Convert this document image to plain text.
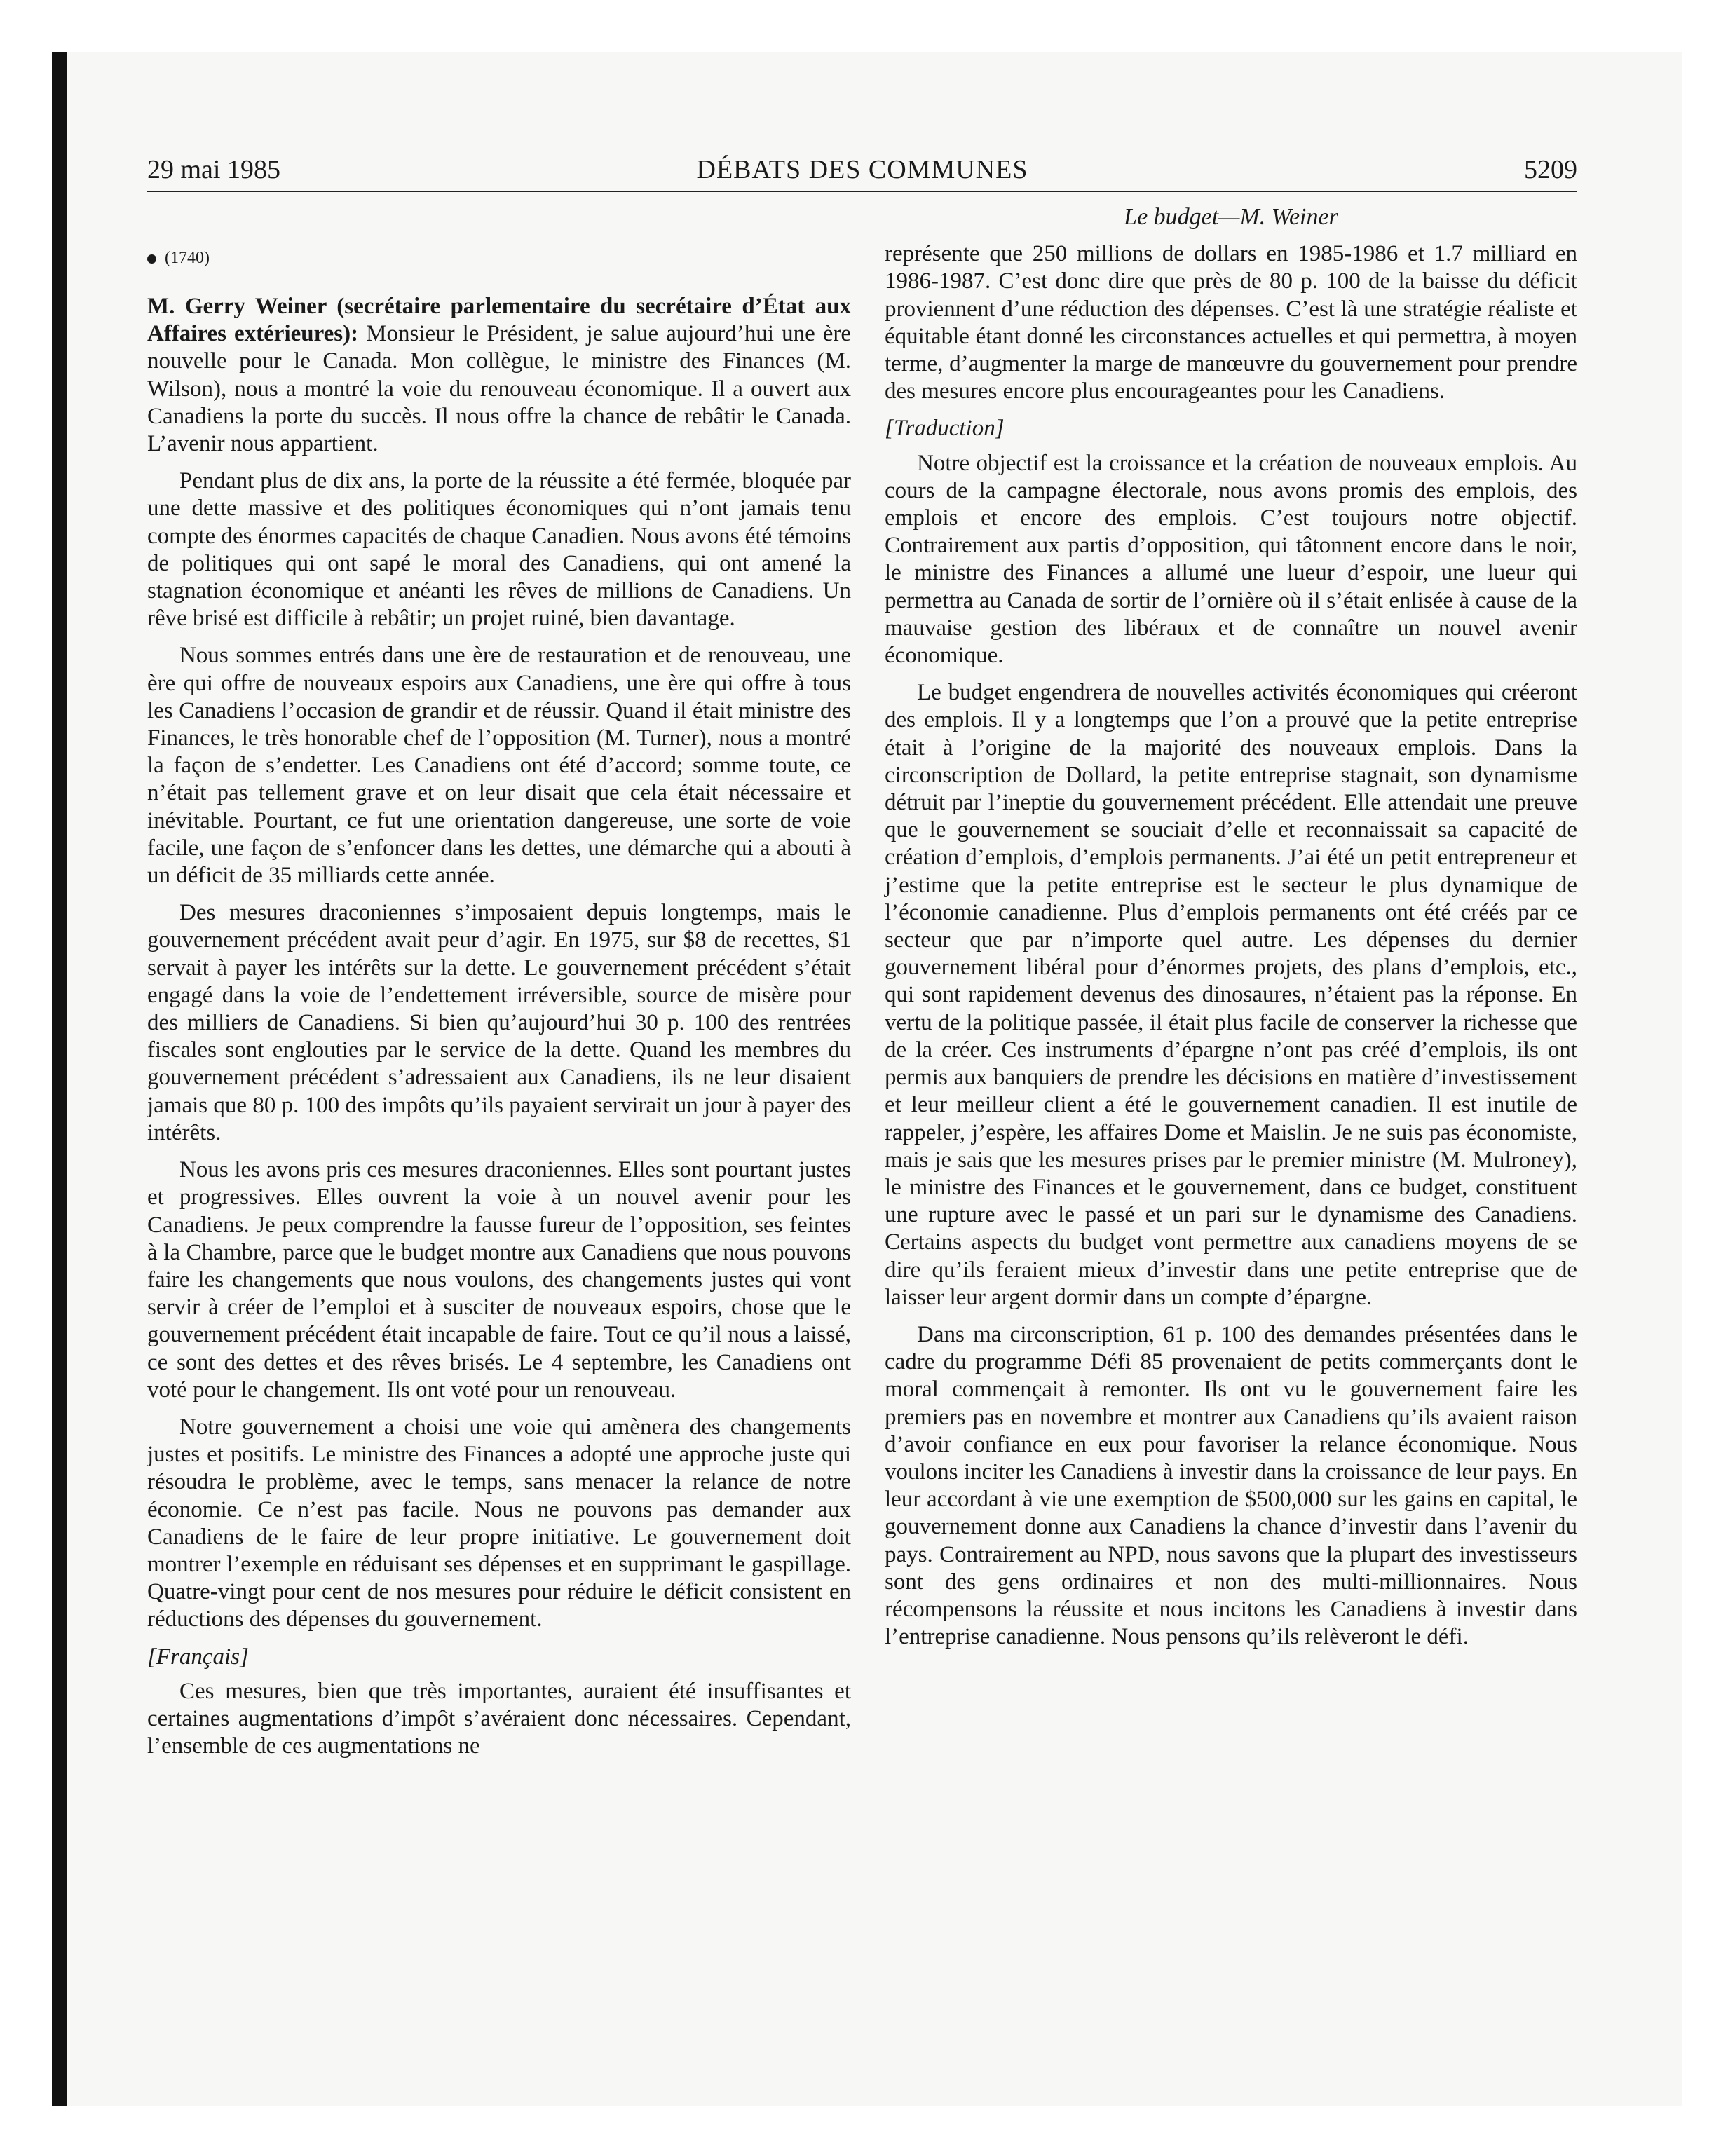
29 mai 1985	DÉBATS DES COMMUNES	5209
(1740)

M. Gerry Weiner (secrétaire parlementaire du secrétaire d’État aux Affaires extérieures): Monsieur le Président, je salue aujourd’hui une ère nouvelle pour le Canada. Mon collègue, le ministre des Finances (M. Wilson), nous a montré la voie du renouveau économique. Il a ouvert aux Canadiens la porte du succès. Il nous offre la chance de rebâtir le Canada. L’avenir nous appartient.

Pendant plus de dix ans, la porte de la réussite a été fermée, bloquée par une dette massive et des politiques économiques qui n’ont jamais tenu compte des énormes capacités de chaque Canadien. Nous avons été témoins de politiques qui ont sapé le moral des Canadiens, qui ont amené la stagnation économique et anéanti les rêves de millions de Canadiens. Un rêve brisé est difficile à rebâtir; un projet ruiné, bien davantage.

Nous sommes entrés dans une ère de restauration et de renouveau, une ère qui offre de nouveaux espoirs aux Canadiens, une ère qui offre à tous les Canadiens l’occasion de grandir et de réussir. Quand il était ministre des Finances, le très honorable chef de l’opposition (M. Turner), nous a montré la façon de s’endetter. Les Canadiens ont été d’accord; somme toute, ce n’était pas tellement grave et on leur disait que cela était nécessaire et inévitable. Pourtant, ce fut une orientation dangereuse, une sorte de voie facile, une façon de s’enfoncer dans les dettes, une démarche qui a abouti à un déficit de 35 milliards cette année.

Des mesures draconiennes s’imposaient depuis longtemps, mais le gouvernement précédent avait peur d’agir. En 1975, sur $8 de recettes, $1 servait à payer les intérêts sur la dette. Le gouvernement précédent s’était engagé dans la voie de l’endettement irréversible, source de misère pour des milliers de Canadiens. Si bien qu’aujourd’hui 30 p. 100 des rentrées fiscales sont englouties par le service de la dette. Quand les membres du gouvernement précédent s’adressaient aux Canadiens, ils ne leur disaient jamais que 80 p. 100 des impôts qu’ils payaient servirait un jour à payer des intérêts.

Nous les avons pris ces mesures draconiennes. Elles sont pourtant justes et progressives. Elles ouvrent la voie à un nouvel avenir pour les Canadiens. Je peux comprendre la fausse fureur de l’opposition, ses feintes à la Chambre, parce que le budget montre aux Canadiens que nous pouvons faire les changements que nous voulons, des changements justes qui vont servir à créer de l’emploi et à susciter de nouveaux espoirs, chose que le gouvernement précédent était incapable de faire. Tout ce qu’il nous a laissé, ce sont des dettes et des rêves brisés. Le 4 septembre, les Canadiens ont voté pour le changement. Ils ont voté pour un renouveau.

Notre gouvernement a choisi une voie qui amènera des changements justes et positifs. Le ministre des Finances a adopté une approche juste qui résoudra le problème, avec le temps, sans menacer la relance de notre économie. Ce n’est pas facile. Nous ne pouvons pas demander aux Canadiens de le faire de leur propre initiative. Le gouvernement doit montrer l’exemple en réduisant ses dépenses et en supprimant le gaspillage. Quatre-vingt pour cent de nos mesures pour réduire le déficit consistent en réductions des dépenses du gouvernement.

[Français]

Ces mesures, bien que très importantes, auraient été insuffisantes et certaines augmentations d’impôt s’avéraient donc nécessaires. Cependant, l’ensemble de ces augmentations ne

Le budget—M. Weiner

représente que 250 millions de dollars en 1985-1986 et 1.7 milliard en 1986-1987. C’est donc dire que près de 80 p. 100 de la baisse du déficit proviennent d’une réduction des dépenses. C’est là une stratégie réaliste et équitable étant donné les circonstances actuelles et qui permettra, à moyen terme, d’augmenter la marge de manœuvre du gouvernement pour prendre des mesures encore plus encourageantes pour les Canadiens.

[Traduction]

Notre objectif est la croissance et la création de nouveaux emplois. Au cours de la campagne électorale, nous avons promis des emplois, des emplois et encore des emplois. C’est toujours notre objectif. Contrairement aux partis d’opposition, qui tâtonnent encore dans le noir, le ministre des Finances a allumé une lueur d’espoir, une lueur qui permettra au Canada de sortir de l’ornière où il s’était enlisée à cause de la mauvaise gestion des libéraux et de connaître un nouvel avenir économique.

Le budget engendrera de nouvelles activités économiques qui créeront des emplois. Il y a longtemps que l’on a prouvé que la petite entreprise était à l’origine de la majorité des nouveaux emplois. Dans la circonscription de Dollard, la petite entreprise stagnait, son dynamisme détruit par l’ineptie du gouvernement précédent. Elle attendait une preuve que le gouvernement se souciait d’elle et reconnaissait sa capacité de création d’emplois, d’emplois permanents. J’ai été un petit entrepreneur et j’estime que la petite entreprise est le secteur le plus dynamique de l’économie canadienne. Plus d’emplois permanents ont été créés par ce secteur que par n’importe quel autre. Les dépenses du dernier gouvernement libéral pour d’énormes projets, des plans d’emplois, etc., qui sont rapidement devenus des dinosaures, n’étaient pas la réponse. En vertu de la politique passée, il était plus facile de conserver la richesse que de la créer. Ces instruments d’épargne n’ont pas créé d’emplois, ils ont permis aux banquiers de prendre les décisions en matière d’investissement et leur meilleur client a été le gouvernement canadien. Il est inutile de rappeler, j’espère, les affaires Dome et Maislin. Je ne suis pas économiste, mais je sais que les mesures prises par le premier ministre (M. Mulroney), le ministre des Finances et le gouvernement, dans ce budget, constituent une rupture avec le passé et un pari sur le dynamisme des Canadiens. Certains aspects du budget vont permettre aux canadiens moyens de se dire qu’ils feraient mieux d’investir dans une petite entreprise que de laisser leur argent dormir dans un compte d’épargne.

Dans ma circonscription, 61 p. 100 des demandes présentées dans le cadre du programme Défi 85 provenaient de petits commerçants dont le moral commençait à remonter. Ils ont vu le gouvernement faire les premiers pas en novembre et montrer aux Canadiens qu’ils avaient raison d’avoir confiance en eux pour favoriser la relance économique. Nous voulons inciter les Canadiens à investir dans la croissance de leur pays. En leur accordant à vie une exemption de $500,000 sur les gains en capital, le gouvernement donne aux Canadiens la chance d’investir dans l’avenir du pays. Contrairement au NPD, nous savons que la plupart des investisseurs sont des gens ordinaires et non des multi-millionnaires. Nous récompensons la réussite et nous incitons les Canadiens à investir dans l’entreprise canadienne. Nous pensons qu’ils relèveront le défi.
